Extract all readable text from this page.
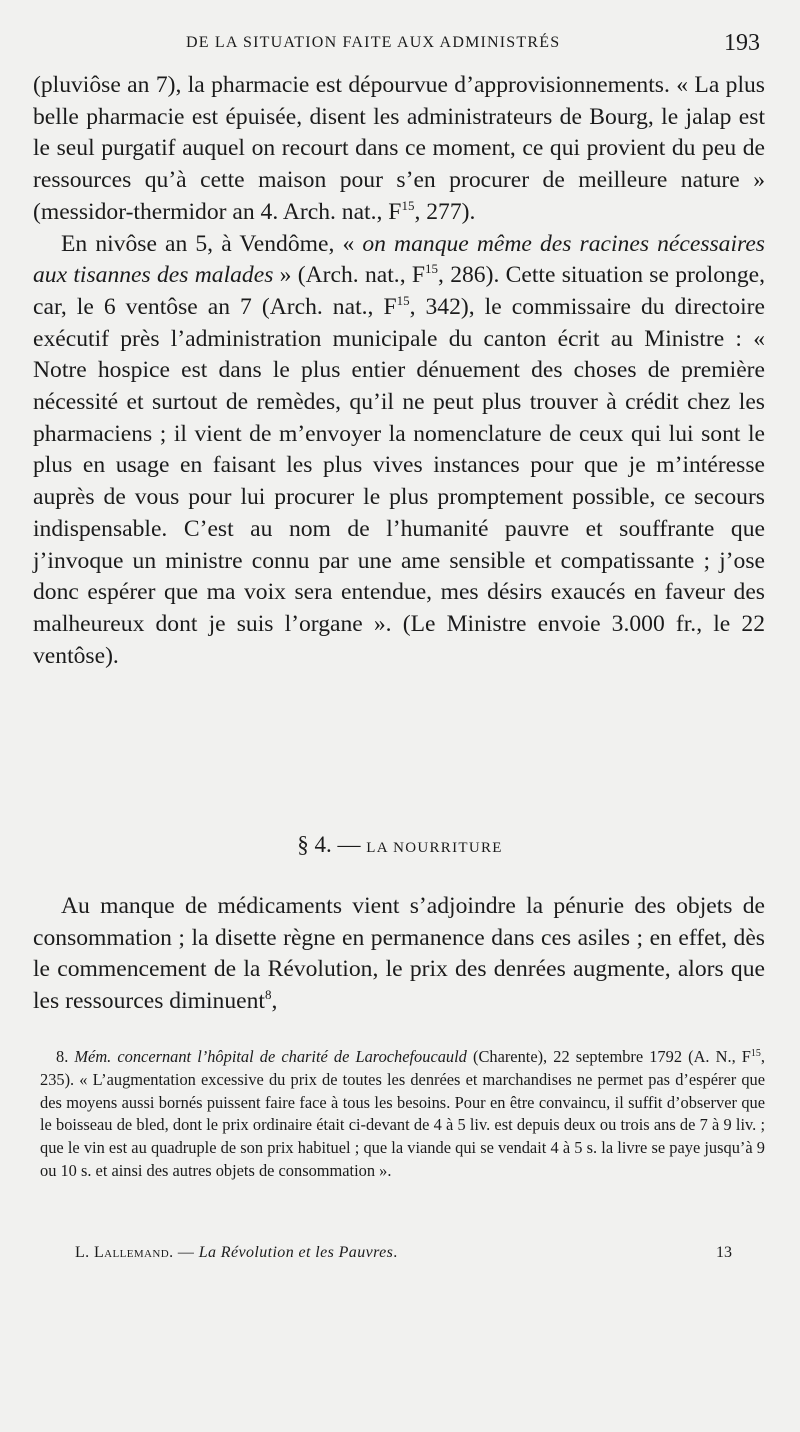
DE LA SITUATION FAITE AUX ADMINISTRÉS	193

(pluviôse an 7), la pharmacie est dépourvue d’approvisionnements. « La plus belle pharmacie est épuisée, disent les administrateurs de Bourg, le jalap est le seul purgatif auquel on recourt dans ce moment, ce qui provient du peu de ressources qu’à cette maison pour s’en procurer de meilleure nature » (messidor-thermidor an 4. Arch. nat., $F^{15}$, 277).

En nivôse an 5, à Vendôme, « on manque même des racines nécessaires aux tisannes des malades » (Arch. nat., $F^{15}$, 286). Cette situation se prolonge, car, le 6 ventôse an 7 (Arch. nat., $F^{15}$, 342), le commissaire du directoire exécutif près l’administration municipale du canton écrit au Ministre : « Notre hospice est dans le plus entier dénuement des choses de première nécessité et surtout de remèdes, qu’il ne peut plus trouver à crédit chez les pharmaciens ; il vient de m’envoyer la nomenclature de ceux qui lui sont le plus en usage en faisant les plus vives instances pour que je m’intéresse auprès de vous pour lui procurer le plus promptement possible, ce secours indispensable. C’est au nom de l’humanité pauvre et souffrante que j’invoque un ministre connu par une ame sensible et compatissante ; j’ose donc espérer que ma voix sera entendue, mes désirs exaucés en faveur des malheureux dont je suis l’organe ». (Le Ministre envoie 3.000 fr., le 22 ventôse).

§ 4. — LA NOURRITURE

Au manque de médicaments vient s’adjoindre la pénurie des objets de consommation ; la disette règne en permanence dans ces asiles ; en effet, dès le commencement de la Révolution, le prix des denrées augmente, alors que les ressources diminuent$^8$,

8. Mém. concernant l’hôpital de charité de Larochefoucauld (Charente), 22 septembre 1792 (A. N., $F^{15}$, 235). « L’augmentation excessive du prix de toutes les denrées et marchandises ne permet pas d’espérer que des moyens aussi bornés puissent faire face à tous les besoins. Pour en être convaincu, il suffit d’observer que le boisseau de bled, dont le prix ordinaire était ci-devant de 4 à 5 liv. est depuis deux ou trois ans de 7 à 9 liv. ; que le vin est au quadruple de son prix habituel ; que la viande qui se vendait 4 à 5 s. la livre se paye jusqu’à 9 ou 10 s. et ainsi des autres objets de consommation ».

L. Lallemand. — La Révolution et les Pauvres.	13
